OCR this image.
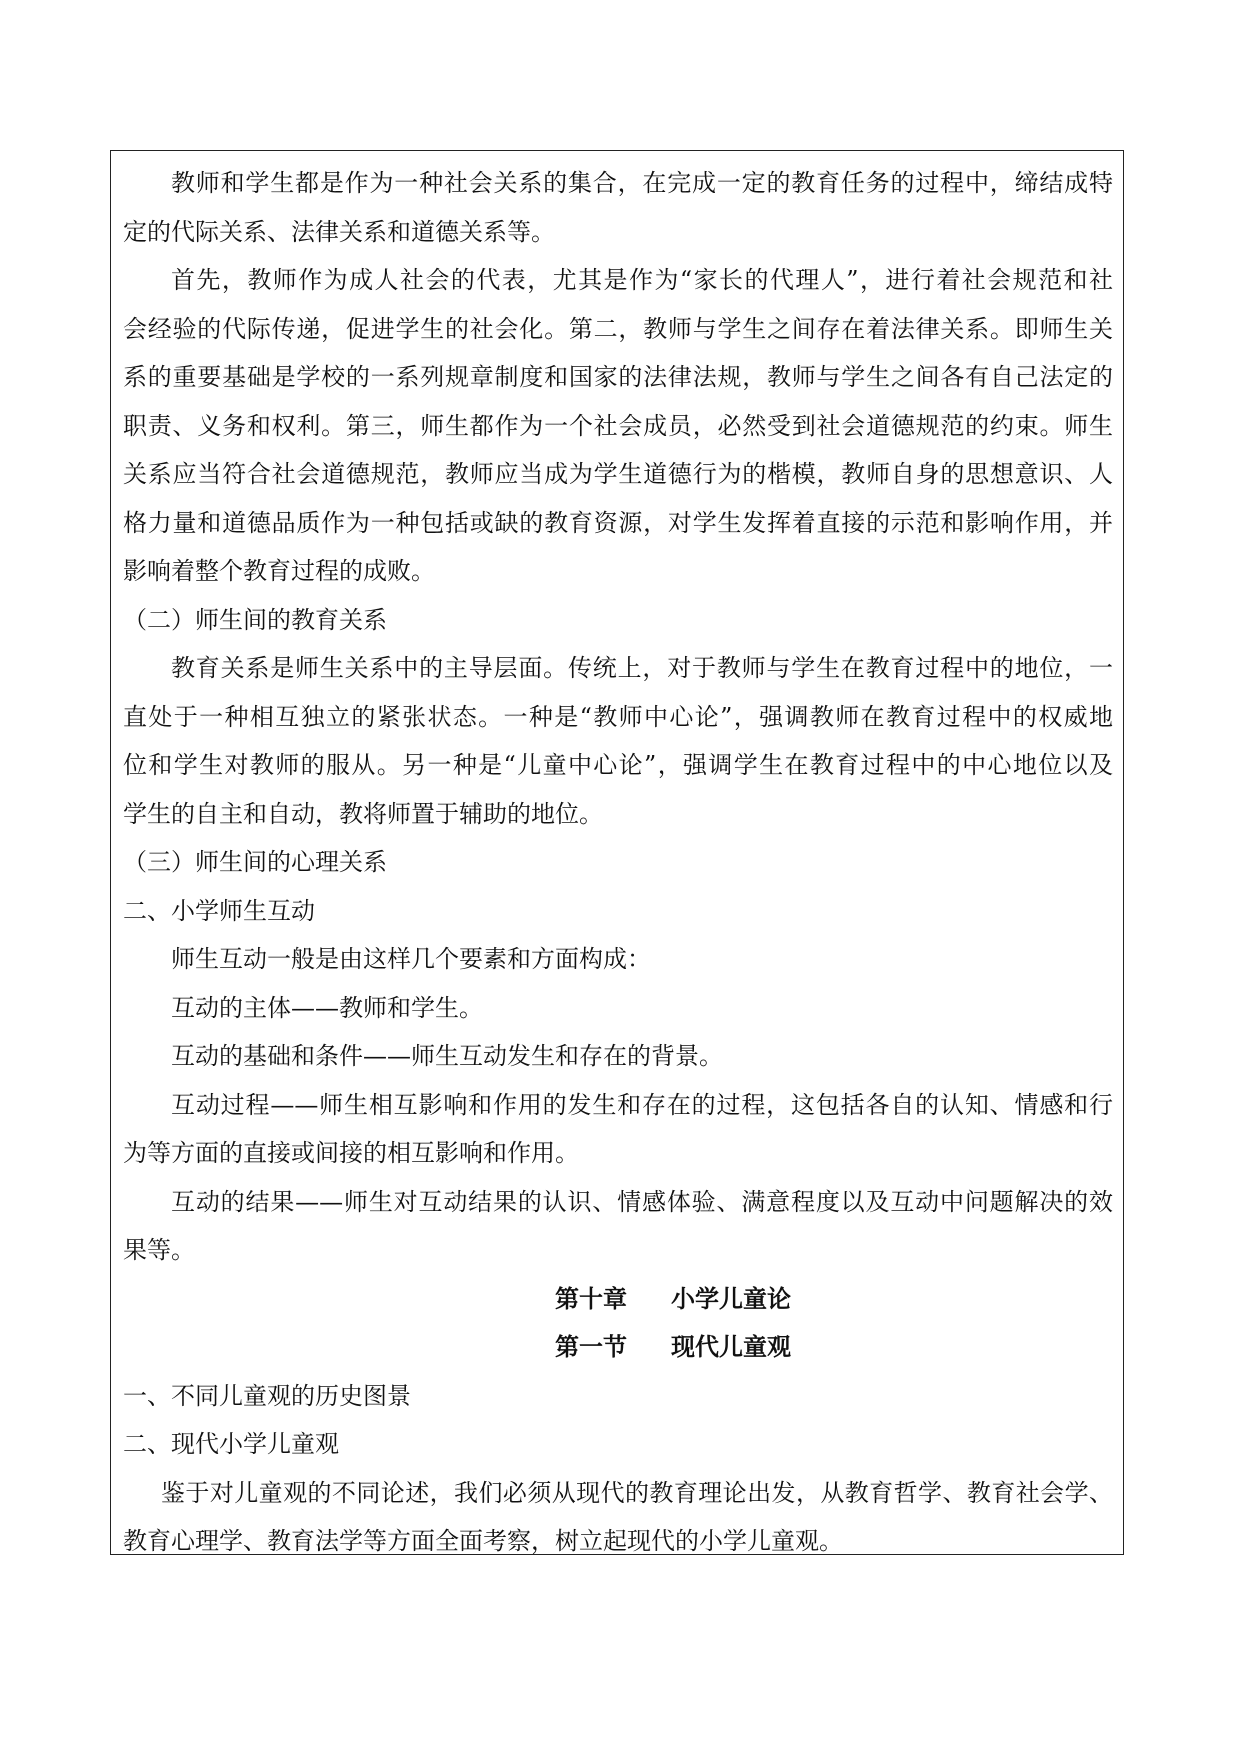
教师和学生都是作为一种社会关系的集合，在完成一定的教育任务的过程中，缔结成特
定的代际关系、法律关系和道德关系等。
首先，教师作为成人社会的代表，尤其是作为“家长的代理人”，进行着社会规范和社
会经验的代际传递，促进学生的社会化。第二，教师与学生之间存在着法律关系。即师生关
系的重要基础是学校的一系列规章制度和国家的法律法规，教师与学生之间各有自己法定的
职责、义务和权利。第三，师生都作为一个社会成员，必然受到社会道德规范的约束。师生
关系应当符合社会道德规范，教师应当成为学生道德行为的楷模，教师自身的思想意识、人
格力量和道德品质作为一种包括或缺的教育资源，对学生发挥着直接的示范和影响作用，并
影响着整个教育过程的成败。
（二）师生间的教育关系
教育关系是师生关系中的主导层面。传统上，对于教师与学生在教育过程中的地位，一
直处于一种相互独立的紧张状态。一种是“教师中心论”，强调教师在教育过程中的权威地
位和学生对教师的服从。另一种是“儿童中心论”，强调学生在教育过程中的中心地位以及
学生的自主和自动，教将师置于辅助的地位。
（三）师生间的心理关系
二、小学师生互动
师生互动一般是由这样几个要素和方面构成：
互动的主体——教师和学生。
互动的基础和条件——师生互动发生和存在的背景。
互动过程——师生相互影响和作用的发生和存在的过程，这包括各自的认知、情感和行
为等方面的直接或间接的相互影响和作用。
互动的结果——师生对互动结果的认识、情感体验、满意程度以及互动中问题解决的效
果等。
第十章 小学儿童论
第一节 现代儿童观
一、不同儿童观的历史图景
二、现代小学儿童观
鉴于对儿童观的不同论述，我们必须从现代的教育理论出发，从教育哲学、教育社会学、
教育心理学、教育法学等方面全面考察，树立起现代的小学儿童观。
